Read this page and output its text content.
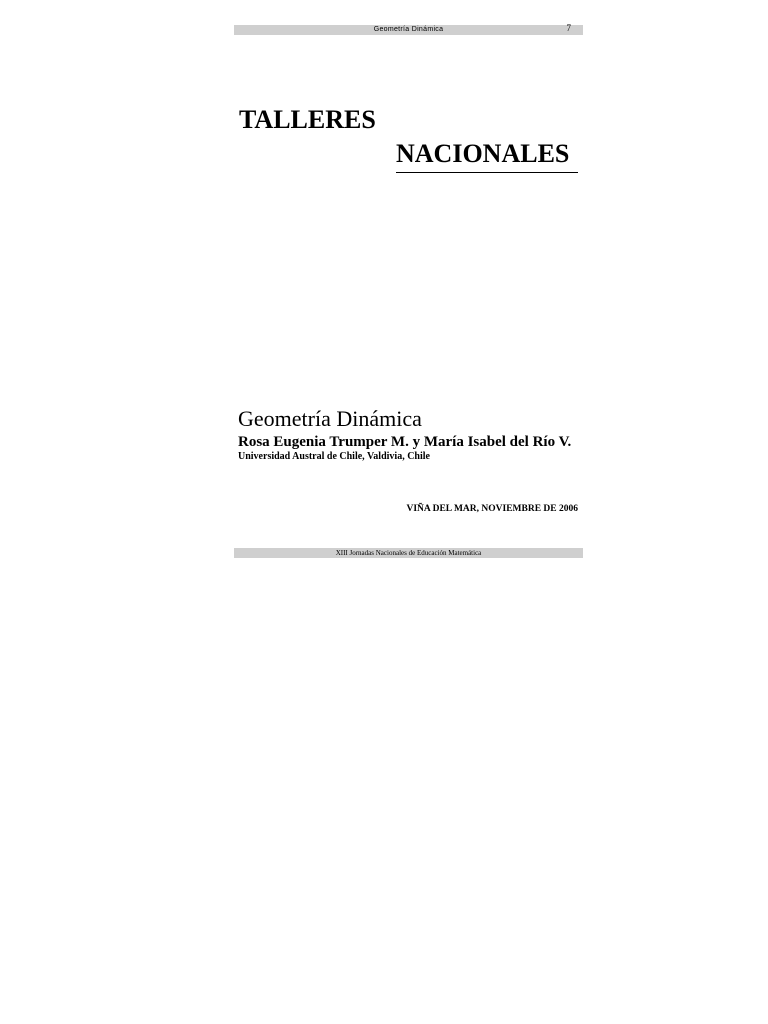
Geometría Dinámica	7
TALLERES
NACIONALES
Geometría Dinámica
Rosa Eugenia Trumper M. y María Isabel del Río V.
Universidad Austral de Chile, Valdivia, Chile
VIÑA DEL MAR, NOVIEMBRE DE 2006
XIII Jornadas Nacionales de Educación Matemática
